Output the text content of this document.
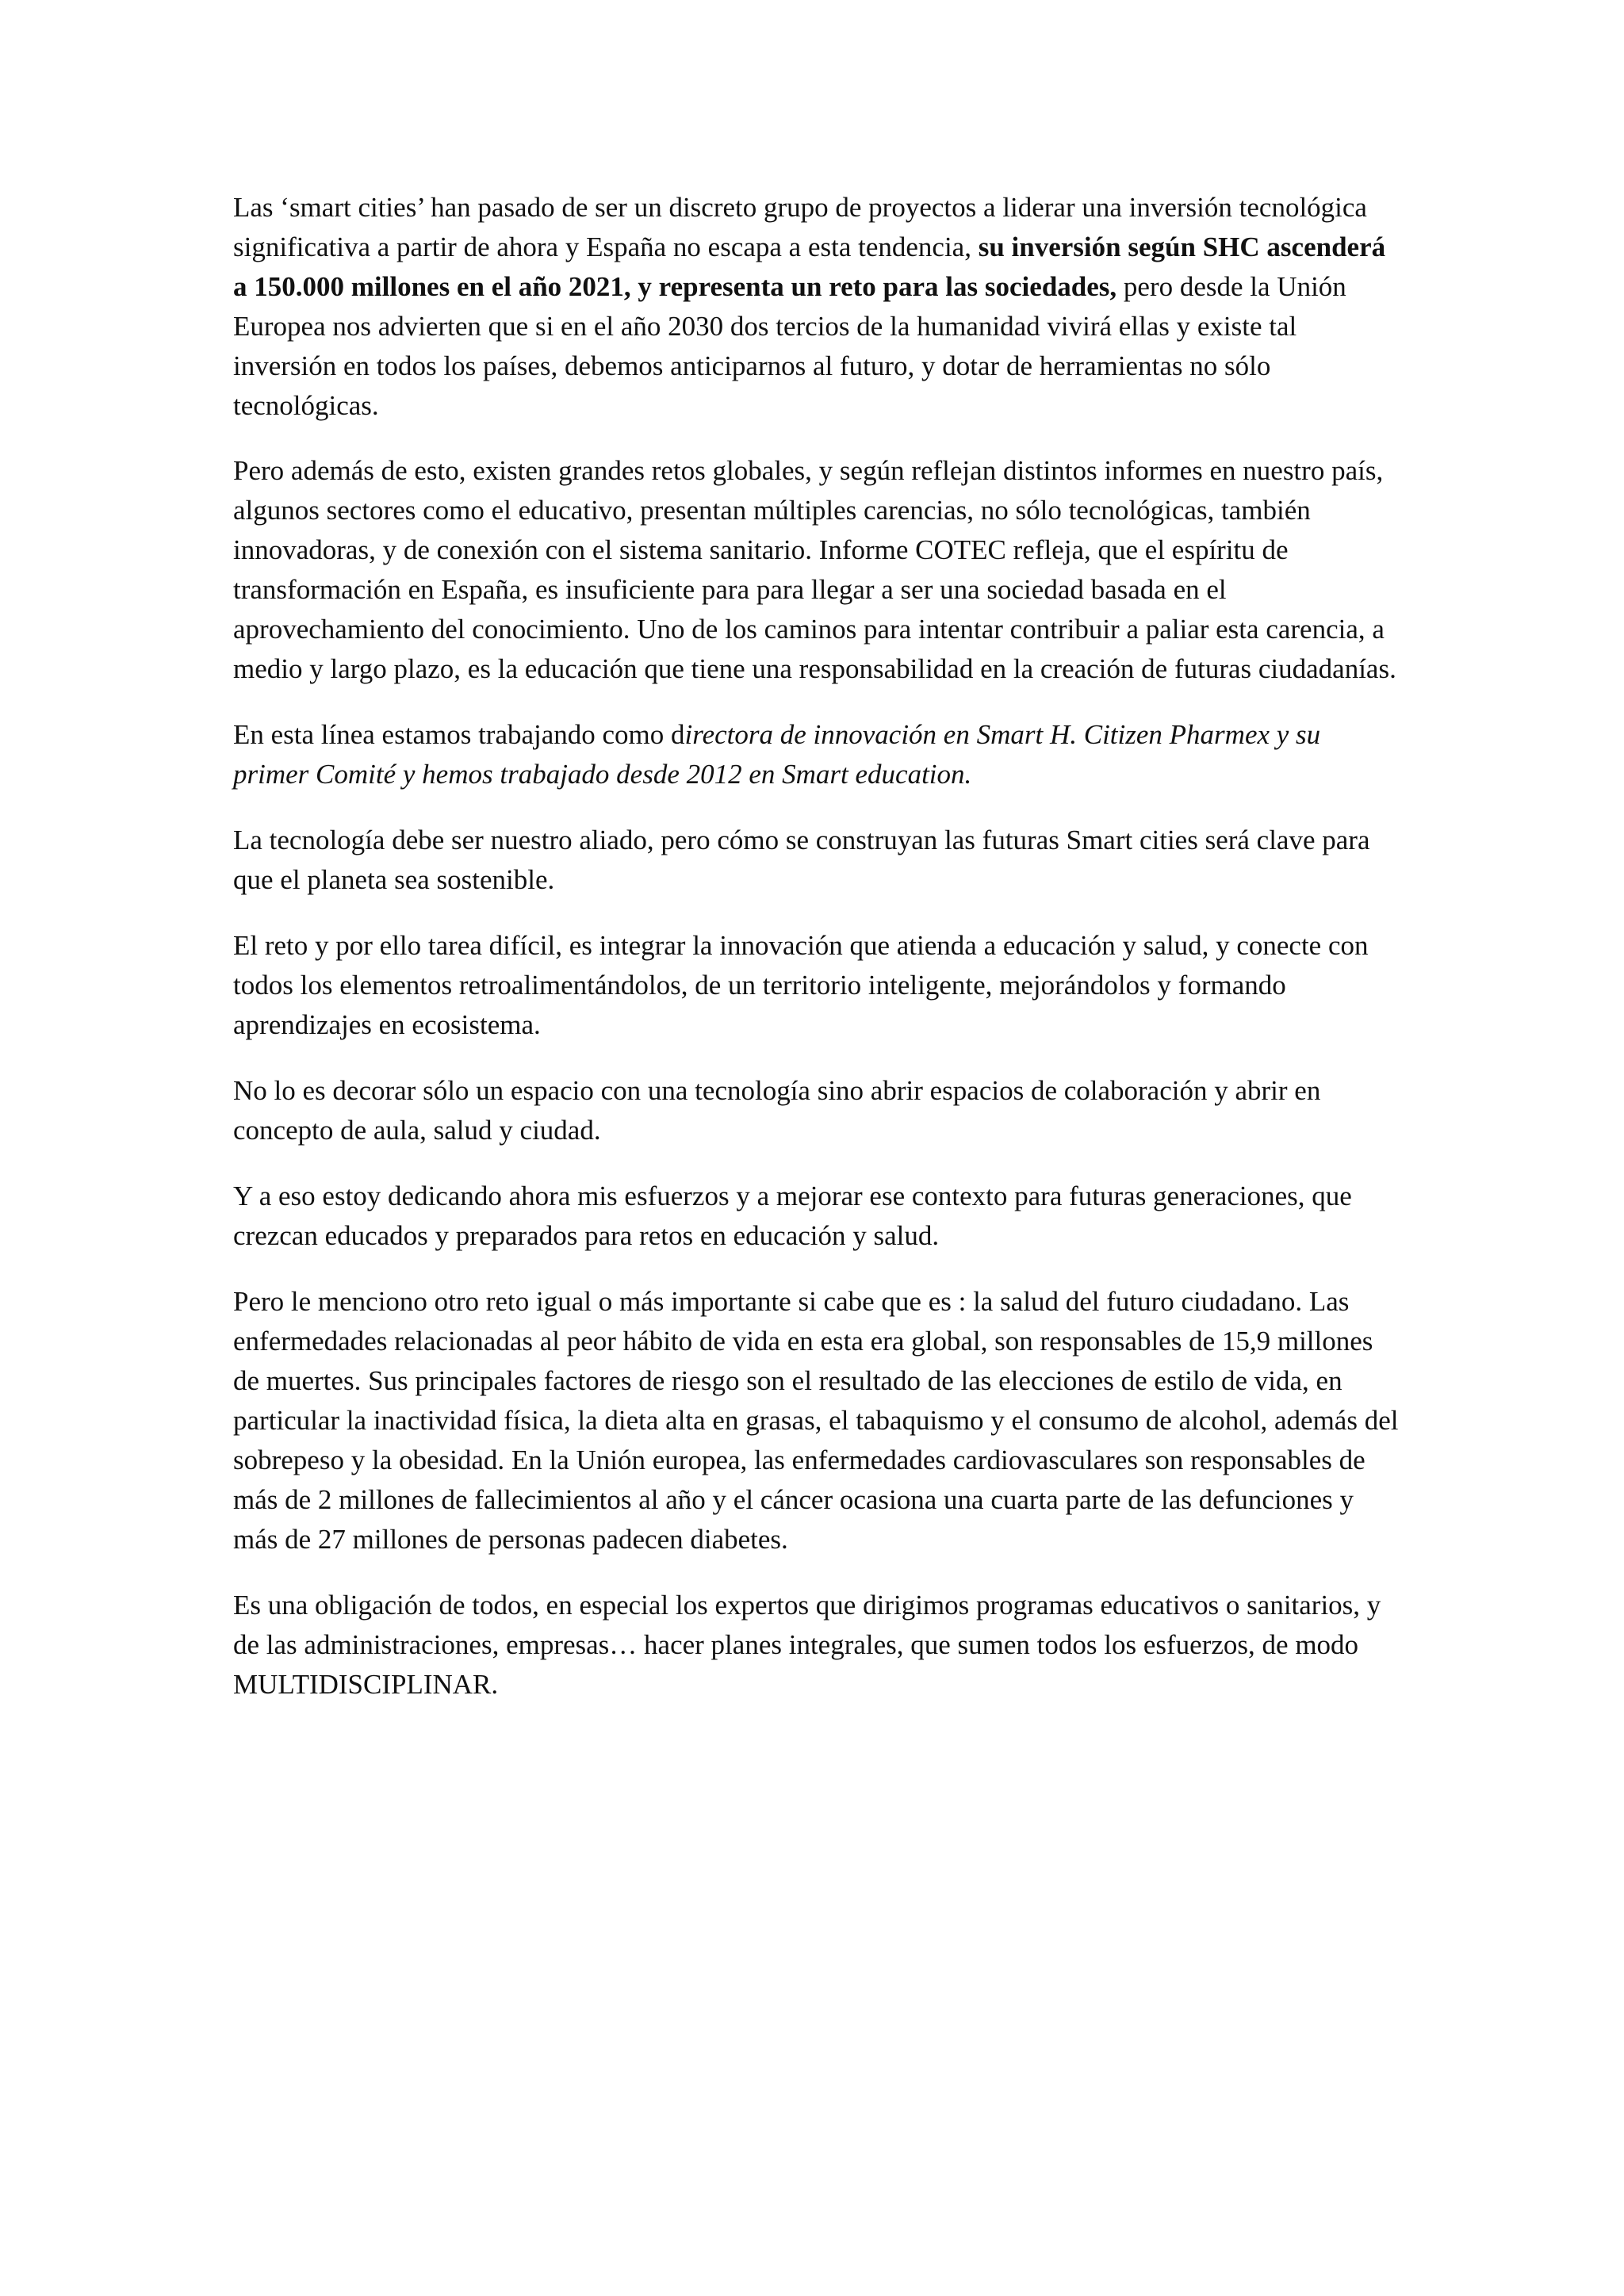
Las ‘smart cities’ han pasado de ser un discreto grupo de proyectos a liderar una inversión tecnológica significativa a partir de ahora y España no escapa a esta tendencia, su inversión según SHC ascenderá a 150.000 millones en el año 2021, y representa un reto para las sociedades, pero desde la Unión Europea nos advierten que si en el año 2030 dos tercios de la humanidad vivirá ellas y existe tal inversión en todos los países, debemos anticiparnos al futuro, y dotar de herramientas no sólo tecnológicas.

Pero además de esto, existen grandes retos globales, y según reflejan distintos informes en nuestro país, algunos sectores como el educativo, presentan múltiples carencias, no sólo tecnológicas, también innovadoras, y de conexión con el sistema sanitario. Informe COTEC refleja, que el espíritu de transformación en España, es insuficiente para para llegar a ser una sociedad basada en el aprovechamiento del conocimiento. Uno de los caminos para intentar contribuir a paliar esta carencia, a medio y largo plazo, es la educación que tiene una responsabilidad en la creación de futuras ciudadanías.

En esta línea estamos trabajando como directora de innovación en Smart H. Citizen Pharmex y su primer Comité y hemos trabajado desde 2012 en Smart education.

La tecnología debe ser nuestro aliado, pero cómo se construyan las futuras Smart cities será clave para que el planeta sea sostenible.

El reto y por ello tarea difícil, es integrar la innovación que atienda a educación y salud, y conecte con todos los elementos retroalimentándolos, de un territorio inteligente, mejorándolos y formando aprendizajes en ecosistema.

No lo es decorar sólo un espacio con una tecnología sino abrir espacios de colaboración y abrir en concepto de aula, salud y ciudad.

Y a eso estoy dedicando ahora mis esfuerzos y a mejorar ese contexto para futuras generaciones, que crezcan educados y preparados para retos en educación y salud.

Pero le menciono otro reto igual o más importante si cabe que es : la salud del futuro ciudadano. Las enfermedades relacionadas al peor hábito de vida en esta era global, son responsables de 15,9 millones de muertes. Sus principales factores de riesgo son el resultado de las elecciones de estilo de vida, en particular la inactividad física, la dieta alta en grasas, el tabaquismo y el consumo de alcohol, además del sobrepeso y la obesidad. En la Unión europea, las enfermedades cardiovasculares son responsables de más de 2 millones de fallecimientos al año y el cáncer ocasiona una cuarta parte de las defunciones y más de 27 millones de personas padecen diabetes.

Es una obligación de todos, en especial los expertos que dirigimos programas educativos o sanitarios, y de las administraciones, empresas… hacer planes integrales, que sumen todos los esfuerzos, de modo MULTIDISCIPLINAR.
